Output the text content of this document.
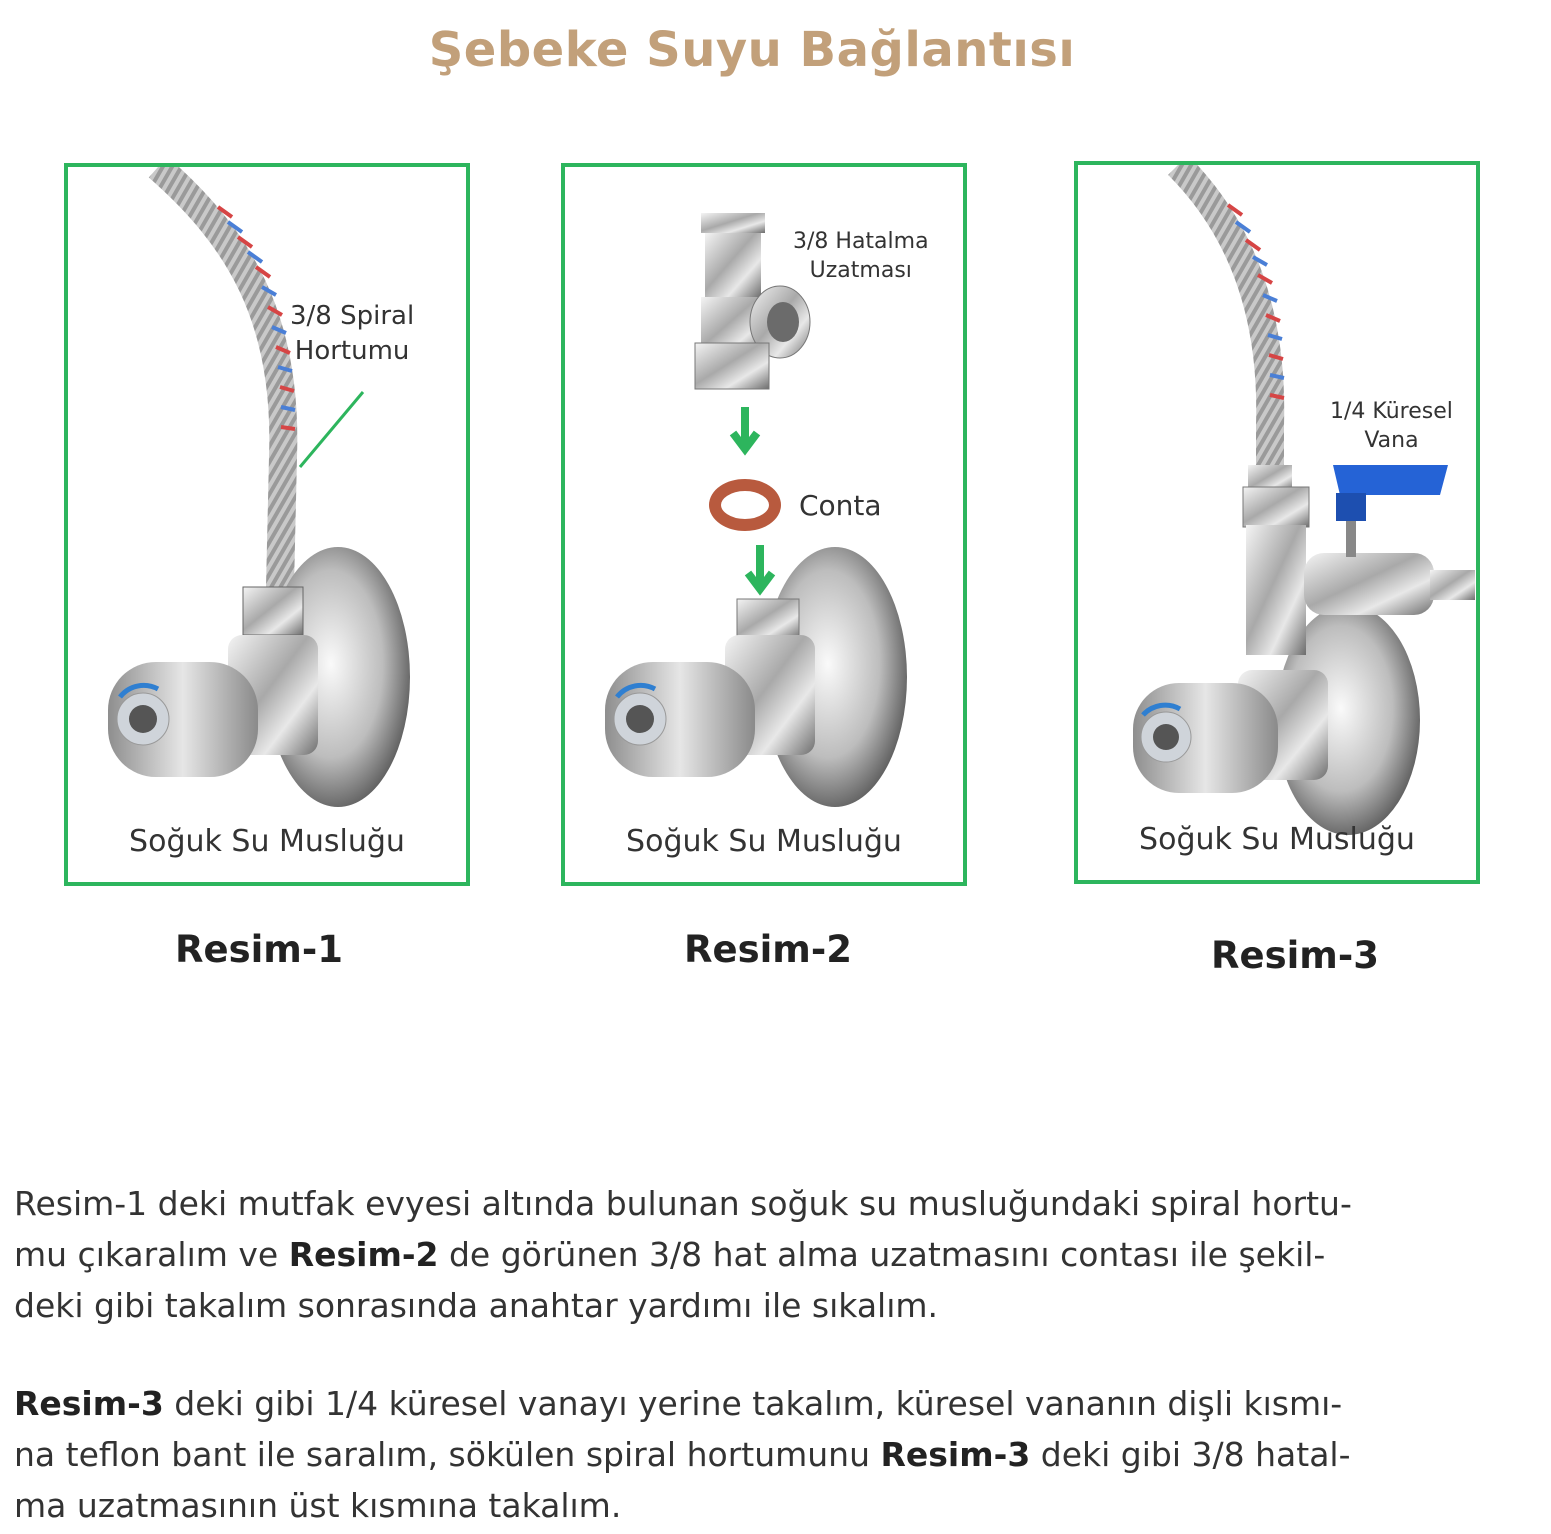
Şebeke Suyu Bağlantısı
3/8 Spiral
Hortumu
Soğuk Su Musluğu
3/8 Hatalma
Uzatması
Conta
Soğuk Su Musluğu
1/4 Küresel
Vana
Soğuk Su Musluğu
Resim-1	Resim-2	Resim-3

Resim-1 deki mutfak evyesi altında bulunan soğuk su musluğundaki spiral hortu-
mu çıkaralım ve Resim-2 de görünen 3/8 hat alma uzatmasını contası ile şekil-
deki gibi takalım sonrasında anahtar yardımı ile sıkalım.

Resim-3 deki gibi 1/4 küresel vanayı yerine takalım, küresel vananın dişli kısmı-
na teflon bant ile saralım, sökülen spiral hortumunu Resim-3 deki gibi 3/8 hatal-
ma uzatmasının üst kısmına takalım.
